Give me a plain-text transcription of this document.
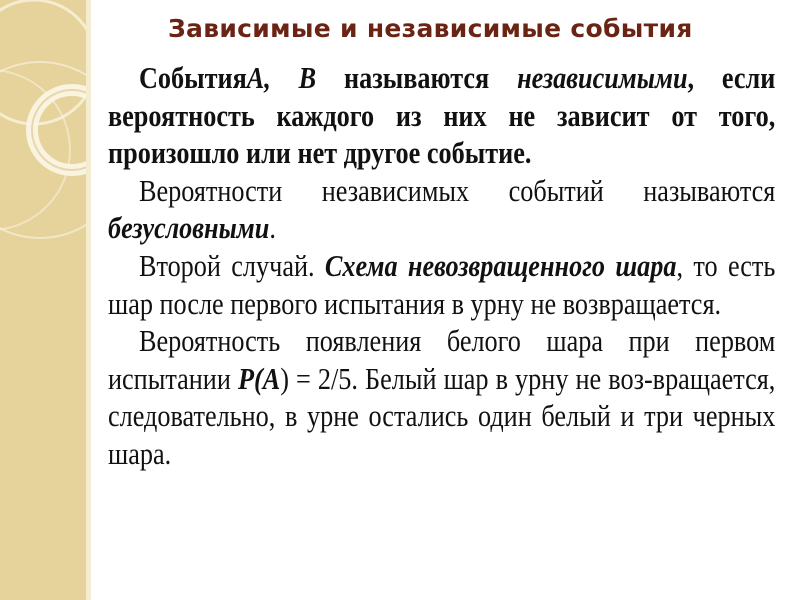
Зависимые и независимые события

СобытияA, B называются независимыми, если вероятность каждого из них не зависит от того, произошло или нет другое событие.

Вероятности независимых событий называются безусловными.

Второй случай. Схема невозвращенного шара, то есть шар после первого испытания в урну не возвращается.

Вероятность появления белого шара при первом испытании P(A) = 2/5. Белый шар в урну не воз-вращается, следовательно, в урне остались один белый и три черных шара.
